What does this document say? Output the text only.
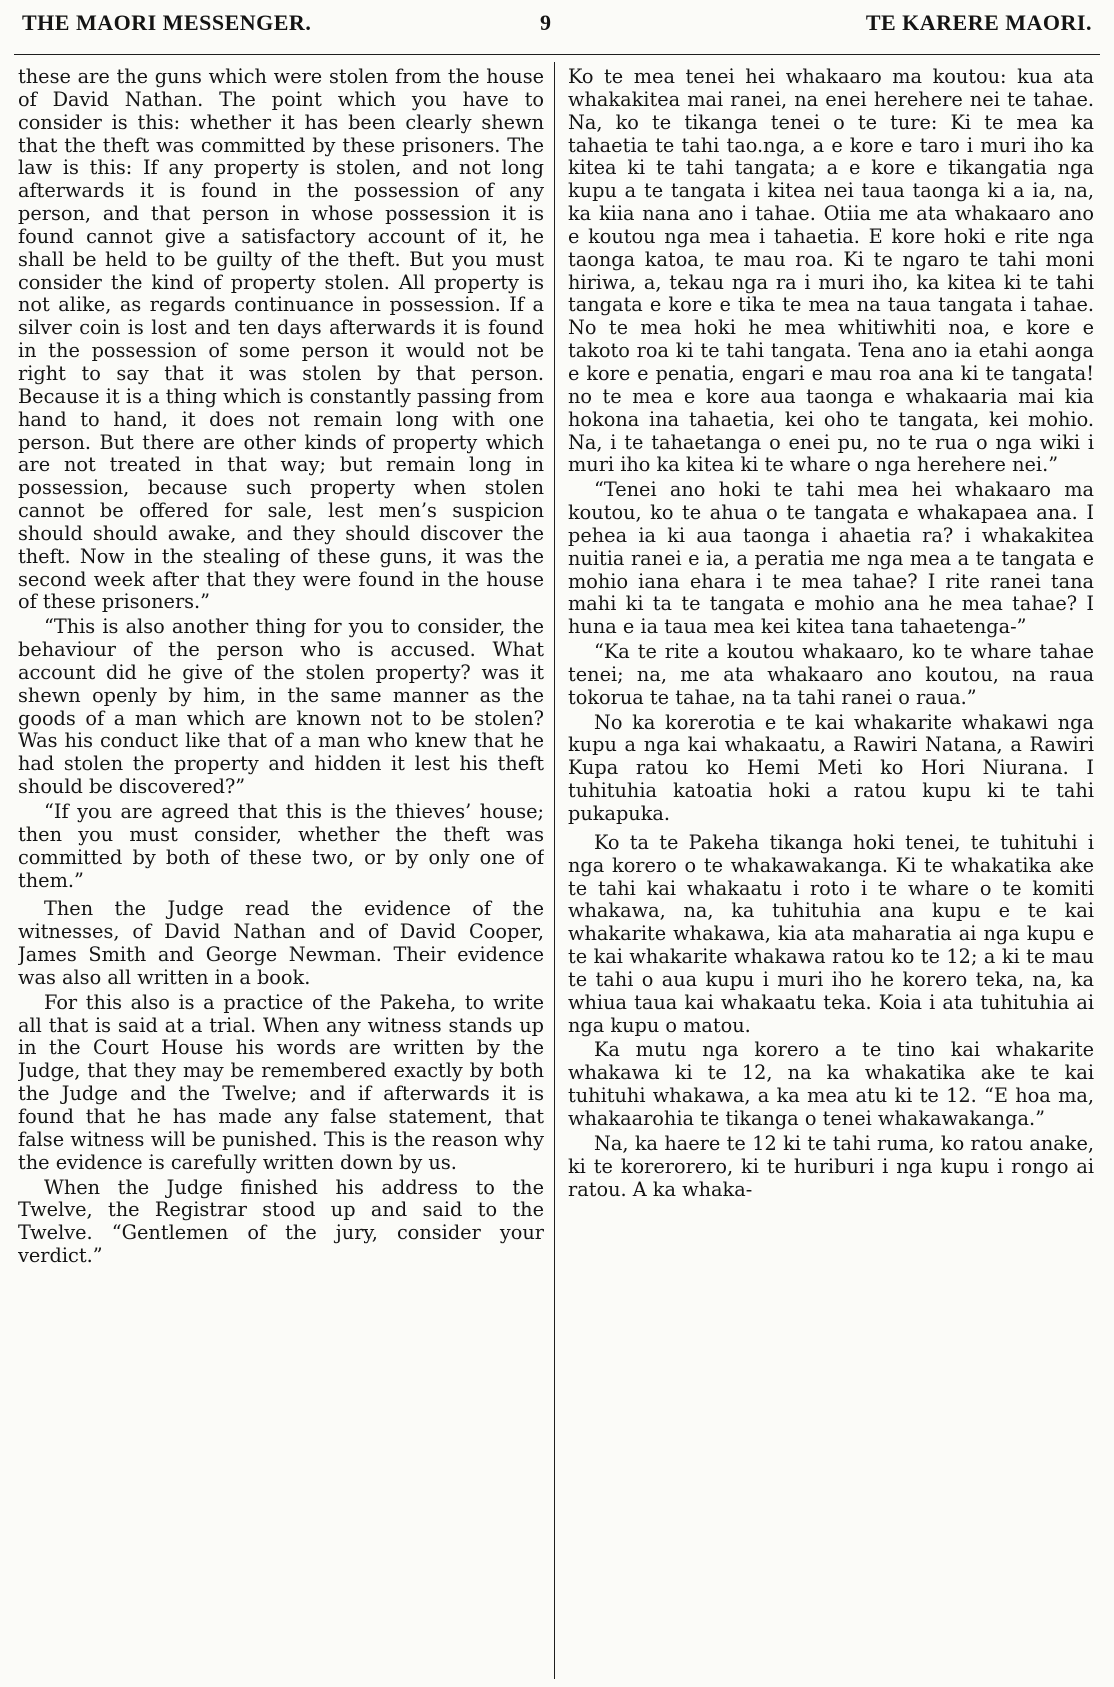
THE MAORI MESSENGER.	9	TE KARERE MAORI.

these are the guns which were stolen from the house of David Nathan. The point which you have to consider is this: whether it has been clearly shewn that the theft was committed by these prisoners. The law is this: If any property is stolen, and not long afterwards it is found in the possession of any person, and that person in whose possession it is found cannot give a satisfactory account of it, he shall be held to be guilty of the theft. But you must consider the kind of property stolen. All property is not alike, as regards continuance in possession. If a silver coin is lost and ten days afterwards it is found in the possession of some person it would not be right to say that it was stolen by that person. Because it is a thing which is constantly passing from hand to hand, it does not remain long with one person. But there are other kinds of property which are not treated in that way; but remain long in possession, because such property when stolen cannot be offered for sale, lest men’s suspicion should should awake, and they should discover the theft. Now in the stealing of these guns, it was the second week after that they were found in the house of these prisoners.”

“This is also another thing for you to consider, the behaviour of the person who is accused. What account did he give of the stolen property? was it shewn openly by him, in the same manner as the goods of a man which are known not to be stolen? Was his conduct like that of a man who knew that he had stolen the property and hidden it lest his theft should be discovered?”

“If you are agreed that this is the thieves’ house; then you must consider, whether the theft was committed by both of these two, or by only one of them.”

Then the Judge read the evidence of the witnesses, of David Nathan and of David Cooper, James Smith and George Newman. Their evidence was also all written in a book.

For this also is a practice of the Pakeha, to write all that is said at a trial. When any witness stands up in the Court House his words are written by the Judge, that they may be remembered exactly by both the Judge and the Twelve; and if afterwards it is found that he has made any false statement, that false witness will be punished. This is the reason why the evidence is carefully written down by us.

When the Judge finished his address to the Twelve, the Registrar stood up and said to the Twelve. “Gentlemen of the jury, consider your verdict.”

Ko te mea tenei hei whakaaro ma koutou: kua ata whakakitea mai ranei, na enei herehere nei te tahae. Na, ko te tikanga tenei o te ture: Ki te mea ka tahaetia te tahi tao.nga, a e kore e taro i muri iho ka kitea ki te tahi tangata; a e kore e tikangatia nga kupu a te tangata i kitea nei taua taonga ki a ia, na, ka kiia nana ano i tahae. Otiia me ata whakaaro ano e koutou nga mea i tahaetia. E kore hoki e rite nga taonga katoa, te mau roa. Ki te ngaro te tahi moni hiriwa, a, tekau nga ra i muri iho, ka kitea ki te tahi tangata e kore e tika te mea na taua tangata i tahae. No te mea hoki he mea whitiwhiti noa, e kore e takoto roa ki te tahi tangata. Tena ano ia etahi aonga e kore e penatia, engari e mau roa ana ki te tangata! no te mea e kore aua taonga e whakaaria mai kia hokona ina tahaetia, kei oho te tangata, kei mohio. Na, i te tahaetanga o enei pu, no te rua o nga wiki i muri iho ka kitea ki te whare o nga herehere nei.”

“Tenei ano hoki te tahi mea hei whakaaro ma koutou, ko te ahua o te tangata e whakapaea ana. I pehea ia ki aua taonga i ahaetia ra? i whakakitea nuitia ranei e ia, a peratia me nga mea a te tangata e mohio iana ehara i te mea tahae? I rite ranei tana mahi ki ta te tangata e mohio ana he mea tahae? I huna e ia taua mea kei kitea tana tahaetenga-”

“Ka te rite a koutou whakaaro, ko te whare tahae tenei; na, me ata whakaaro ano koutou, na raua tokorua te tahae, na ta tahi ranei o raua.”

No ka korerotia e te kai whakarite whakawi nga kupu a nga kai whakaatu, a Rawiri Natana, a Rawiri Kupa ratou ko Hemi Meti ko Hori Niurana. I tuhituhia katoatia hoki a ratou kupu ki te tahi pukapuka.

Ko ta te Pakeha tikanga hoki tenei, te tuhituhi i nga korero o te whakawakanga. Ki te whakatika ake te tahi kai whakaatu i roto i te whare o te komiti whakawa, na, ka tuhituhia ana kupu e te kai whakarite whakawa, kia ata maharatia ai nga kupu e te kai whakarite whakawa ratou ko te 12; a ki te mau te tahi o aua kupu i muri iho he korero teka, na, ka whiua taua kai whakaatu teka. Koia i ata tuhituhia ai nga kupu o matou.

Ka mutu nga korero a te tino kai whakarite whakawa ki te 12, na ka whakatika ake te kai tuhituhi whakawa, a ka mea atu ki te 12. “E hoa ma, whakaarohia te tikanga o tenei whakawakanga.”

Na, ka haere te 12 ki te tahi ruma, ko ratou anake, ki te korerorero, ki te huriburi i nga kupu i rongo ai ratou. A ka whaka-
